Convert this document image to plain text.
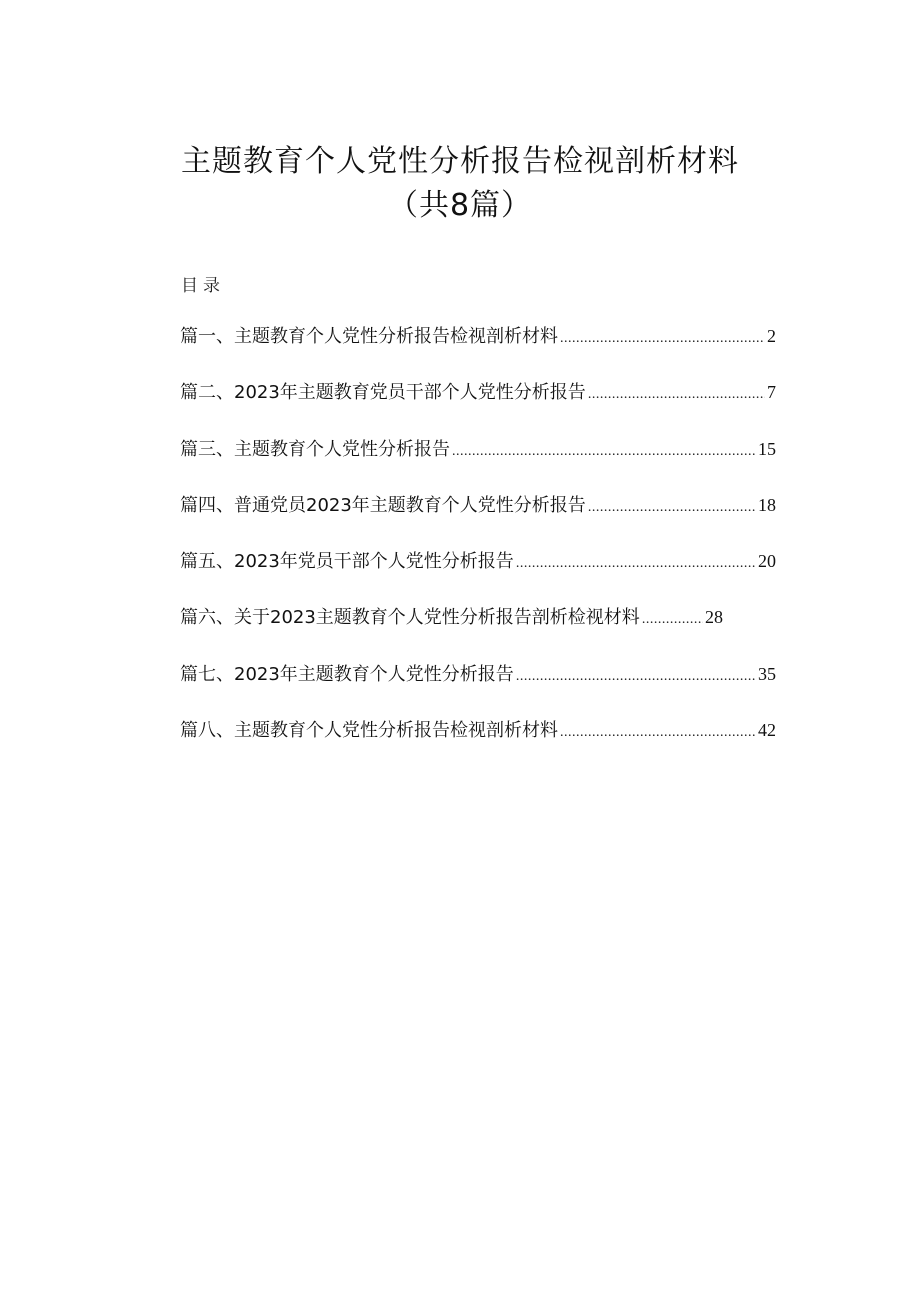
主题教育个人党性分析报告检视剖析材料
（共8篇）
目录
篇一、主题教育个人党性分析报告检视剖析材料 .....	2
篇二、2023年主题教育党员干部个人党性分析报告 .....	7
篇三、主题教育个人党性分析报告 .....	15
篇四、普通党员2023年主题教育个人党性分析报告 .....	18
篇五、2023年党员干部个人党性分析报告 .....	20
篇六、关于2023主题教育个人党性分析报告剖析检视材料 .....	28
篇七、2023年主题教育个人党性分析报告 .....	35
篇八、主题教育个人党性分析报告检视剖析材料 .....	42
